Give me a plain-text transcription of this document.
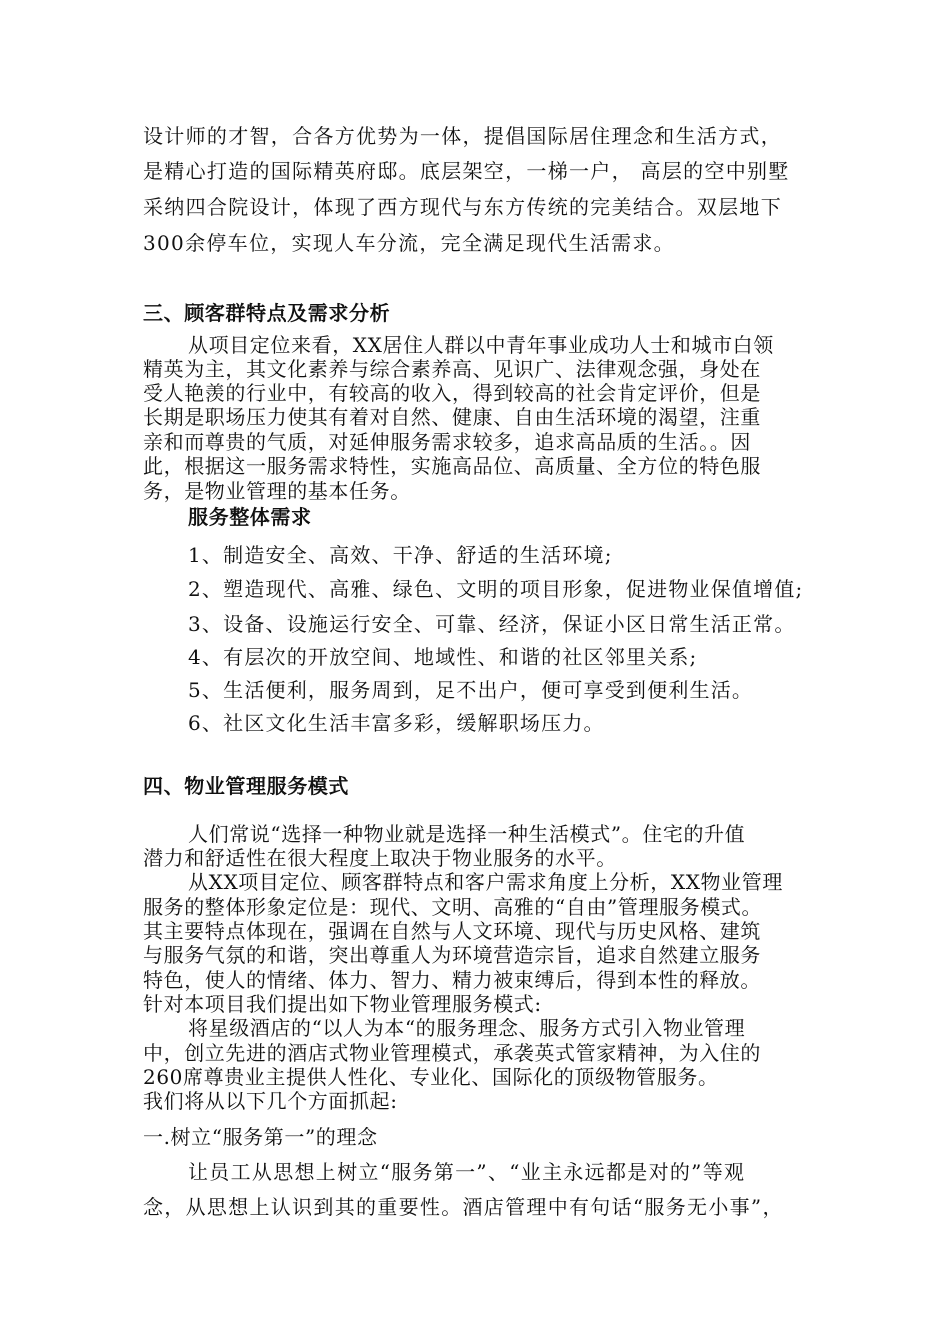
设计师的才智，合各方优势为一体，提倡国际居住理念和生活方式，
是精心打造的国际精英府邸。底层架空，一梯一户， 高层的空中别墅
采纳四合院设计，体现了西方现代与东方传统的完美结合。双层地下
300余停车位，实现人车分流，完全满足现代生活需求。
三、顾客群特点及需求分析
从项目定位来看，XX居住人群以中青年事业成功人士和城市白领
精英为主，其文化素养与综合素养高、见识广、法律观念强，身处在
受人艳羡的行业中，有较高的收入，得到较高的社会肯定评价，但是
长期是职场压力使其有着对自然、健康、自由生活环境的渴望，注重
亲和而尊贵的气质，对延伸服务需求较多，追求高品质的生活。。因
此，根据这一服务需求特性，实施高品位、高质量、全方位的特色服
务，是物业管理的基本任务。
服务整体需求
1、制造安全、高效、干净、舒适的生活环境;
2、塑造现代、高雅、绿色、文明的项目形象，促进物业保值增值;
3、设备、设施运行安全、可靠、经济，保证小区日常生活正常。
4、有层次的开放空间、地域性、和谐的社区邻里关系;
5、生活便利，服务周到，足不出户，便可享受到便利生活。
6、社区文化生活丰富多彩，缓解职场压力。
四、物业管理服务模式
人们常说“选择一种物业就是选择一种生活模式”。住宅的升值
潜力和舒适性在很大程度上取决于物业服务的水平。
从XX项目定位、顾客群特点和客户需求角度上分析，XX物业管理
服务的整体形象定位是：现代、文明、高雅的“自由”管理服务模式。
其主要特点体现在，强调在自然与人文环境、现代与历史风格、建筑
与服务气氛的和谐，突出尊重人为环境营造宗旨，追求自然建立服务
特色，使人的情绪、体力、智力、精力被束缚后，得到本性的释放。
针对本项目我们提出如下物业管理服务模式:
将星级酒店的“以人为本“的服务理念、服务方式引入物业管理
中，创立先进的酒店式物业管理模式，承袭英式管家精神，为入住的
260席尊贵业主提供人性化、专业化、国际化的顶级物管服务。
我们将从以下几个方面抓起:
一.树立“服务第一”的理念
让员工从思想上树立“服务第一”、“业主永远都是对的”等观
念，从思想上认识到其的重要性。酒店管理中有句话“服务无小事”，
